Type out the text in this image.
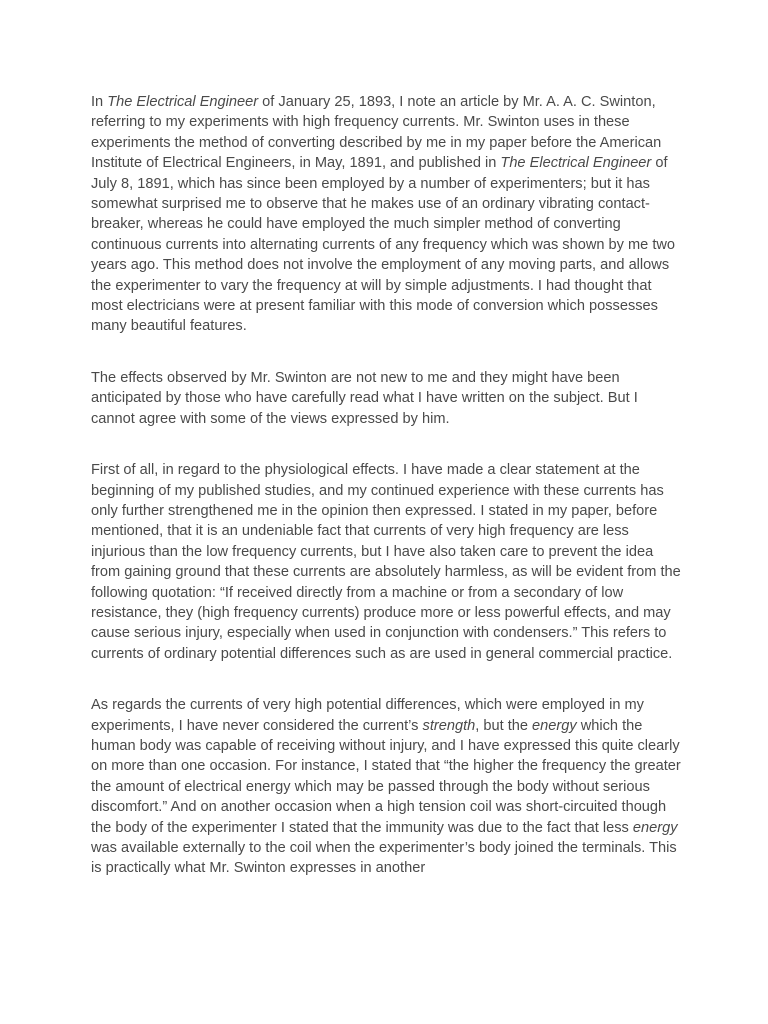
In The Electrical Engineer of January 25, 1893, I note an article by Mr. A. A. C. Swinton, referring to my experiments with high frequency currents. Mr. Swinton uses in these experiments the method of converting described by me in my paper before the American Institute of Electrical Engineers, in May, 1891, and published in The Electrical Engineer of July 8, 1891, which has since been employed by a number of experimenters; but it has somewhat surprised me to observe that he makes use of an ordinary vibrating contact-breaker, whereas he could have employed the much simpler method of converting continuous currents into alternating currents of any frequency which was shown by me two years ago. This method does not involve the employment of any moving parts, and allows the experimenter to vary the frequency at will by simple adjustments. I had thought that most electricians were at present familiar with this mode of conversion which possesses many beautiful features.

The effects observed by Mr. Swinton are not new to me and they might have been anticipated by those who have carefully read what I have written on the subject. But I cannot agree with some of the views expressed by him.

First of all, in regard to the physiological effects. I have made a clear statement at the beginning of my published studies, and my continued experience with these currents has only further strengthened me in the opinion then expressed. I stated in my paper, before mentioned, that it is an undeniable fact that currents of very high frequency are less injurious than the low frequency currents, but I have also taken care to prevent the idea from gaining ground that these currents are absolutely harmless, as will be evident from the following quotation: “If received directly from a machine or from a secondary of low resistance, they (high frequency currents) produce more or less powerful effects, and may cause serious injury, especially when used in conjunction with condensers.” This refers to currents of ordinary potential differences such as are used in general commercial practice.

As regards the currents of very high potential differences, which were employed in my experiments, I have never considered the current’s strength, but the energy which the human body was capable of receiving without injury, and I have expressed this quite clearly on more than one occasion. For instance, I stated that “the higher the frequency the greater the amount of electrical energy which may be passed through the body without serious discomfort.” And on another occasion when a high tension coil was short-circuited though the body of the experimenter I stated that the immunity was due to the fact that less energy was available externally to the coil when the experimenter’s body joined the terminals. This is practically what Mr. Swinton expresses in another
